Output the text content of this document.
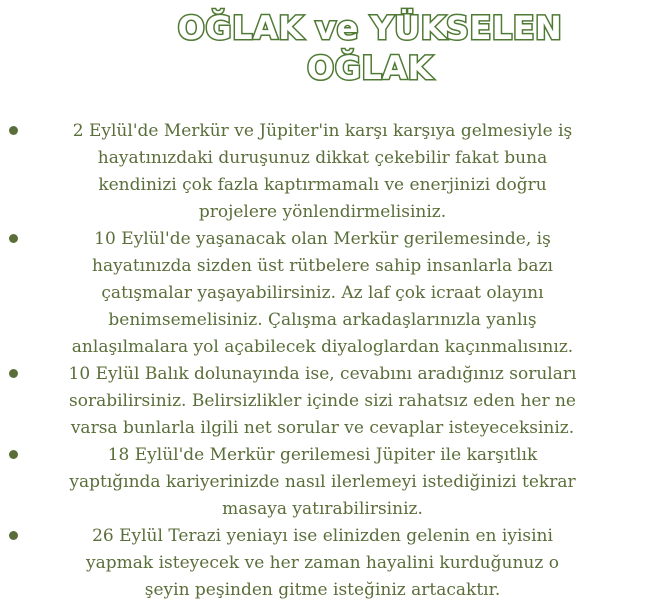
OĞLAK ve YÜKSELEN OĞLAK
2 Eylül'de Merkür ve Jüpiter'in karşı karşıya gelmesiyle iş
hayatınızdaki duruşunuz dikkat çekebilir fakat buna
kendinizi çok fazla kaptırmamalı ve enerjinizi doğru
projelere yönlendirmelisiniz.
10 Eylül'de yaşanacak olan Merkür gerilemesinde, iş
hayatınızda sizden üst rütbelere sahip insanlarla bazı
çatışmalar yaşayabilirsiniz. Az laf çok icraat olayını
benimsemelisiniz. Çalışma arkadaşlarınızla yanlış
anlaşılmalara yol açabilecek diyaloglardan kaçınmalısınız.
10 Eylül Balık dolunayında ise, cevabını aradığınız soruları
sorabilirsiniz. Belirsizlikler içinde sizi rahatsız eden her ne
varsa bunlarla ilgili net sorular ve cevaplar isteyeceksiniz.
18 Eylül'de Merkür gerilemesi Jüpiter ile karşıtlık
yaptığında kariyerinizde nasıl ilerlemeyi istediğinizi tekrar
masaya yatırabilirsiniz.
26 Eylül Terazi yeniayı ise elinizden gelenin en iyisini
yapmak isteyecek ve her zaman hayalini kurduğunuz o
şeyin peşinden gitme isteğiniz artacaktır.
